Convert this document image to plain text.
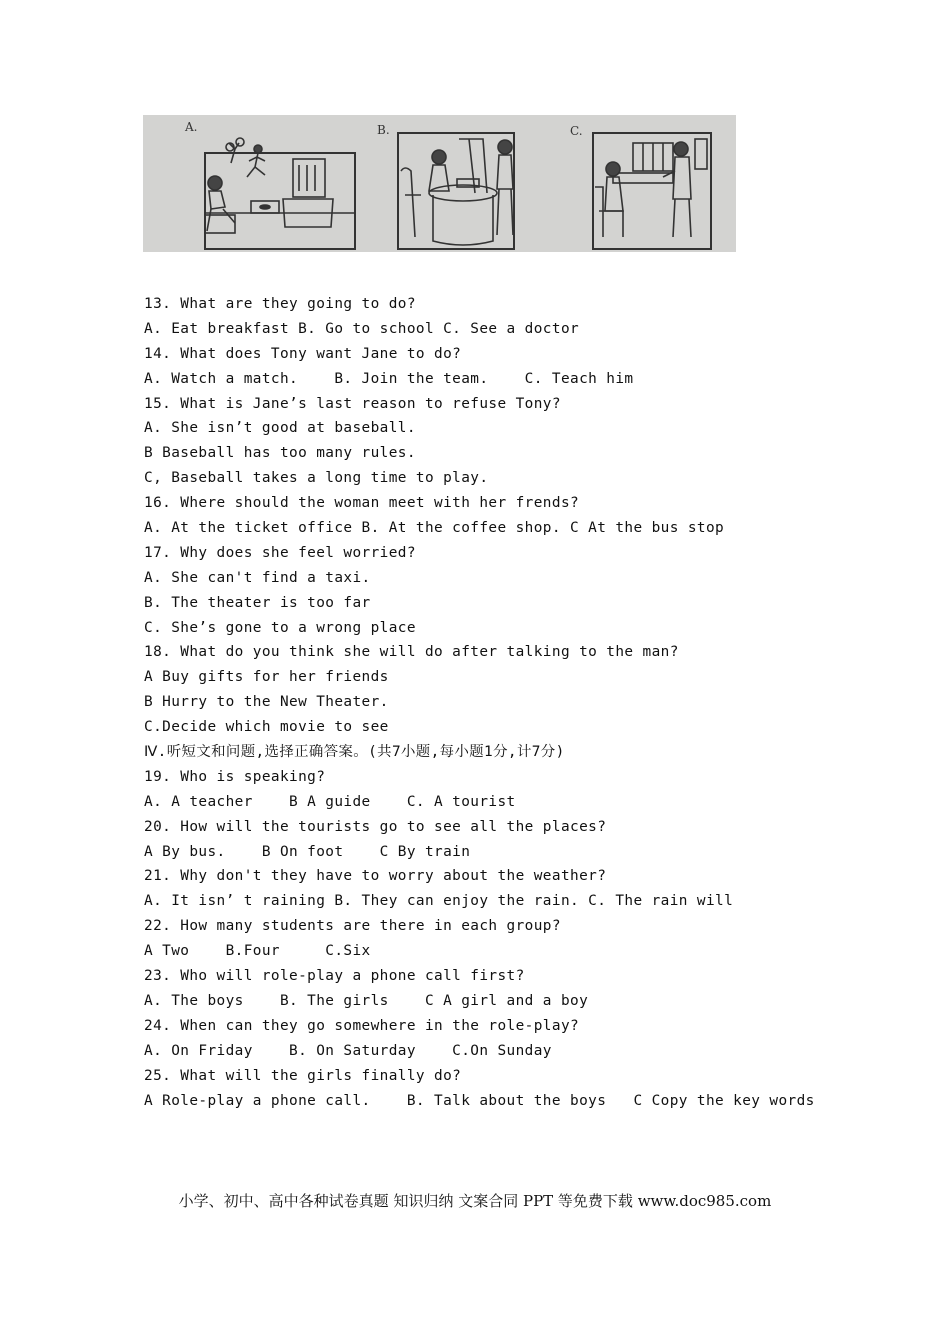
A.	B.	C.
13. What are they going to do?
A. Eat breakfast B. Go to school C. See a doctor
14. What does Tony want Jane to do?
A. Watch a match.    B. Join the team.    C. Teach him
15. What is Jane’s last reason to refuse Tony?
A. She isn’t good at baseball.
B Baseball has too many rules.
C, Baseball takes a long time to play.
16. Where should the woman meet with her frends?
A. At the ticket office B. At the coffee shop. C At the bus stop
17. Why does she feel worried?
A. She can't find a taxi.
B. The theater is too far
C. She’s gone to a wrong place
18. What do you think she will do after talking to the man?
A Buy gifts for her friends
B Hurry to the New Theater.
C.Decide which movie to see
Ⅳ.听短文和问题,选择正确答案。(共7小题,每小题1分,计7分)
19. Who is speaking?
A. A teacher    B A guide    C. A tourist
20. How will the tourists go to see all the places?
A By bus.    B On foot    C By train
21. Why don't they have to worry about the weather?
A. It isn’ t raining B. They can enjoy the rain. C. The rain will
22. How many students are there in each group?
A Two    B.Four     C.Six
23. Who will role-play a phone call first?
A. The boys    B. The girls    C A girl and a boy
24. When can they go somewhere in the role-play?
A. On Friday    B. On Saturday    C.On Sunday
25. What will the girls finally do?
A Role-play a phone call.    B. Talk about the boys   C Copy the key words
小学、初中、高中各种试卷真题 知识归纳 文案合同 PPT 等免费下载 www.doc985.com
